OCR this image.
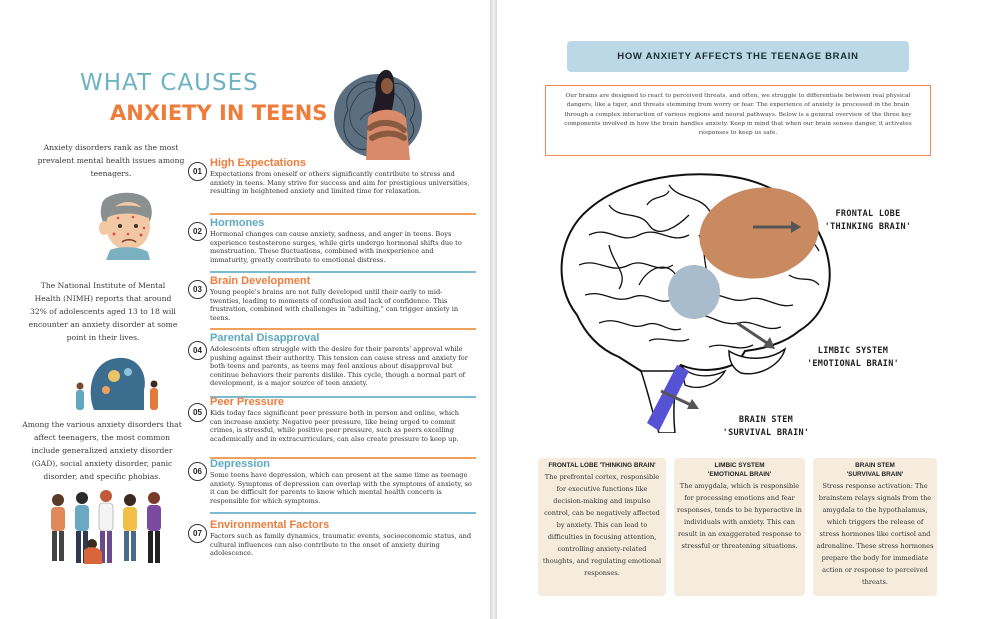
WHAT CAUSES
ANXIETY IN TEENS
Anxiety disorders rank as the most prevalent mental health issues among teenagers.
The National Institute of Mental Health (NIMH) reports that around 32% of adolescents aged 13 to 18 will encounter an anxiety disorder at some point in their lives.
Among the various anxiety disorders that affect teenagers, the most common include generalized anxiety disorder (GAD), social anxiety disorder, panic disorder, and specific phobias.
01
High Expectations
Expectations from oneself or others significantly contribute to stress and anxiety in teens. Many strive for success and aim for prestigious universities, resulting in heightened anxiety and limited time for relaxation.
02
Hormones
Hormonal changes can cause anxiety, sadness, and anger in teens. Boys experience testosterone surges, while girls undergo hormonal shifts due to menstruation. These fluctuations, combined with inexperience and immaturity, greatly contribute to emotional distress.
03
Brain Development
Young people's brains are not fully developed until their early to mid-twenties, leading to moments of confusion and lack of confidence. This frustration, combined with challenges in "adulting," can trigger anxiety in teens.
04
Parental Disapproval
Adolescents often struggle with the desire for their parents' approval while pushing against their authority. This tension can cause stress and anxiety for both teens and parents, as teens may feel anxious about disapproval but continue behaviors their parents dislike. This cycle, though a normal part of development, is a major source of teen anxiety.
05
Peer Pressure
Kids today face significant peer pressure both in person and online, which can increase anxiety. Negative peer pressure, like being urged to commit crimes, is stressful, while positive peer pressure, such as peers excelling academically and in extracurriculars, can also create pressure to keep up.
06
Depression
Some teens have depression, which can present at the same time as teenage anxiety. Symptoms of depression can overlap with the symptoms of anxiety, so it can be difficult for parents to know which mental health concern is responsible for which symptoms.
07
Environmental Factors
Factors such as family dynamics, traumatic events, socioeconomic status, and cultural influences can also contribute to the onset of anxiety during adolescence.
HOW ANXIETY AFFECTS THE TEENAGE BRAIN
Our brains are designed to react to perceived threats, and often, we struggle to differentiate between real physical dangers, like a tiger, and threats stemming from worry or fear. The experience of anxiety is processed in the brain through a complex interaction of various regions and neural pathways. Below is a general overview of the three key components involved in how the brain handles anxiety. Keep in mind that when our brain senses danger, it activates responses to keep us safe.
FRONTAL LOBE
'THINKING BRAIN'
LIMBIC SYSTEM
'EMOTIONAL BRAIN'
BRAIN STEM
'SURVIVAL BRAIN'
FRONTAL LOBE 'THINKING BRAIN'
The prefrontal cortex, responsible for executive functions like decision-making and impulse control, can be negatively affected by anxiety. This can lead to difficulties in focusing attention, controlling anxiety-related thoughts, and regulating emotional responses.
LIMBIC SYSTEM
'EMOTIONAL BRAIN'
The amygdala, which is responsible for processing emotions and fear responses, tends to be hyperactive in individuals with anxiety. This can result in an exaggerated response to stressful or threatening situations.
BRAIN STEM
'SURVIVAL BRAIN'
Stress response activation: The brainstem relays signals from the amygdala to the hypothalamus, which triggers the release of stress hormones like cortisol and adrenaline. These stress hormones prepare the body for immediate action or response to perceived threats.
